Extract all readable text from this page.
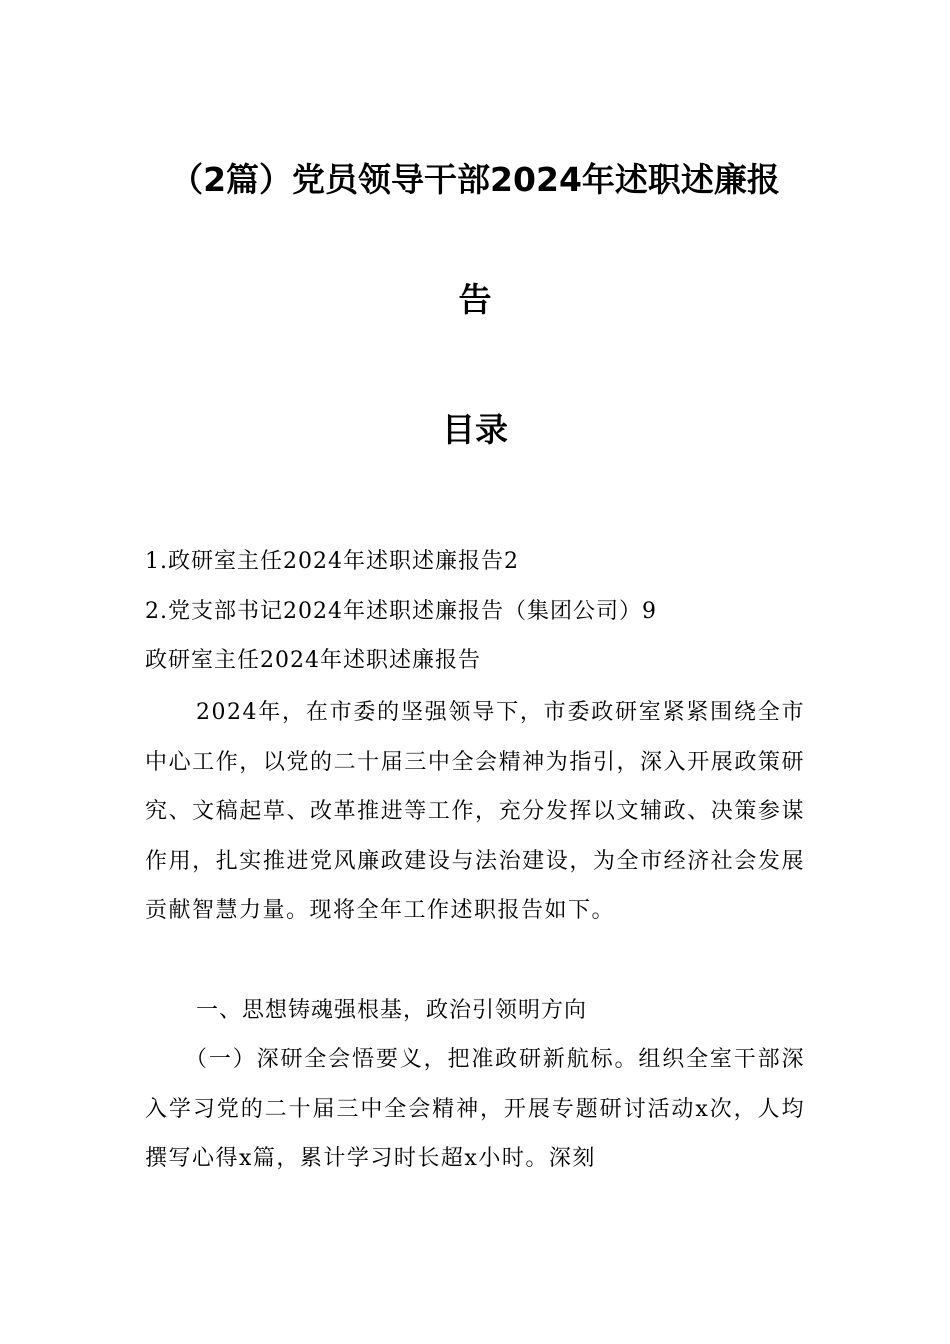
（2篇）党员领导干部2024年述职述廉报
告
目录
1.政研室主任2024年述职述廉报告2
2.党支部书记2024年述职述廉报告（集团公司）9
政研室主任2024年述职述廉报告
2024年，在市委的坚强领导下，市委政研室紧紧围绕全市中心工作，以党的二十届三中全会精神为指引，深入开展政策研究、文稿起草、改革推进等工作，充分发挥以文辅政、决策参谋作用，扎实推进党风廉政建设与法治建设，为全市经济社会发展贡献智慧力量。现将全年工作述职报告如下。
一、思想铸魂强根基，政治引领明方向
（一）深研全会悟要义，把准政研新航标。组织全室干部深入学习党的二十届三中全会精神，开展专题研讨活动x次，人均撰写心得x篇，累计学习时长超x小时。深刻
